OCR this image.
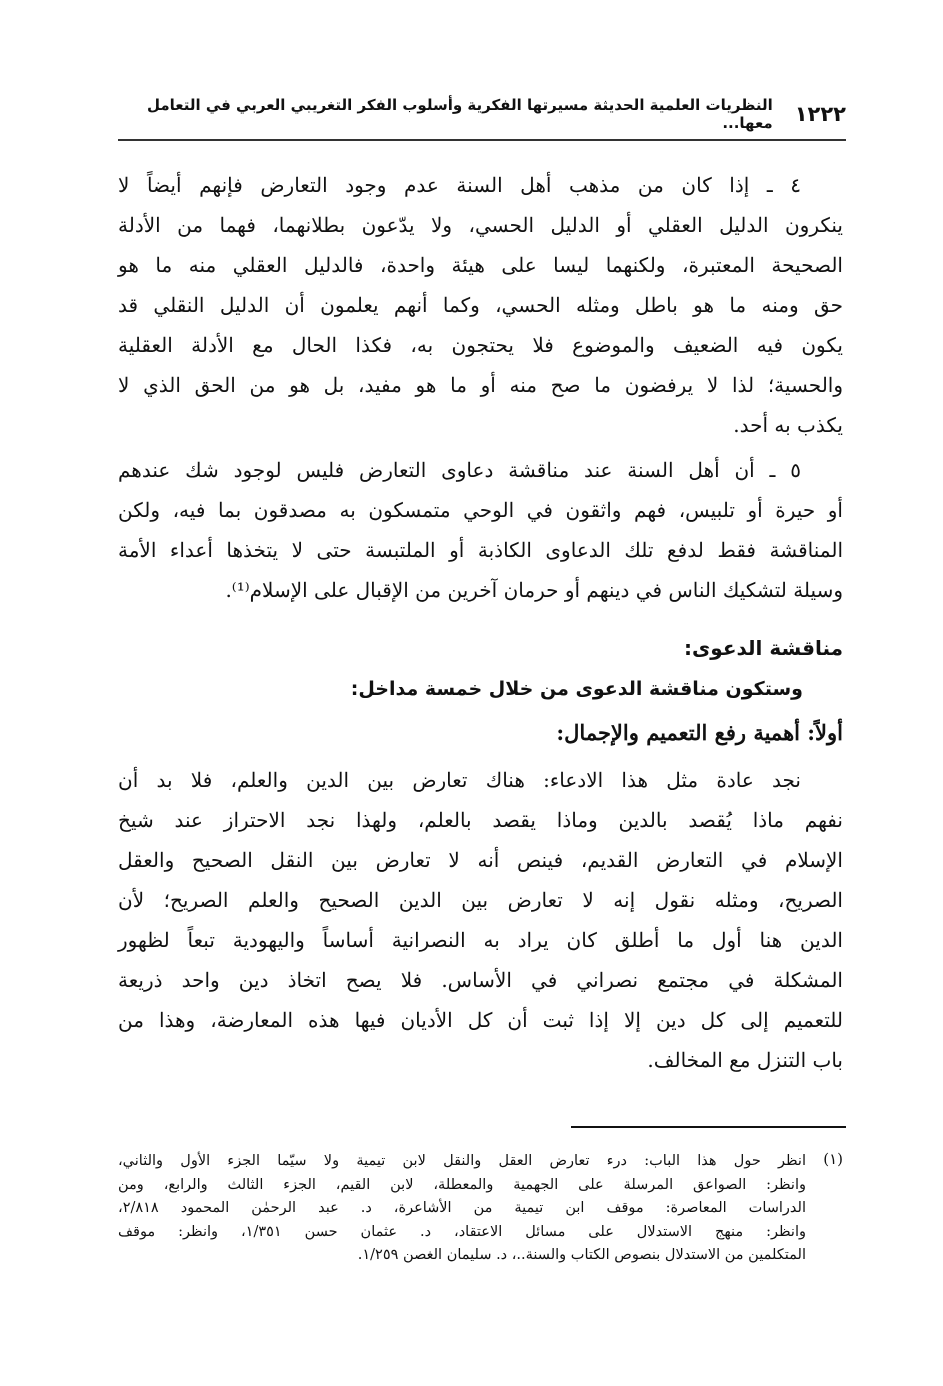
١٢٢٢
النظريات العلمية الحديثة مسيرتها الفكرية وأسلوب الفكر التغريبي العربي في التعامل معها...
٤ ـ إذا كان من مذهب أهل السنة عدم وجود التعارض فإنهم أيضاً لا
ينكرون الدليل العقلي أو الدليل الحسي، ولا يدّعون بطلانهما، فهما من الأدلة
الصحيحة المعتبرة، ولكنهما ليسا على هيئة واحدة، فالدليل العقلي منه ما هو
حق ومنه ما هو باطل ومثله الحسي، وكما أنهم يعلمون أن الدليل النقلي قد
يكون فيه الضعيف والموضوع فلا يحتجون به، فكذا الحال مع الأدلة العقلية
والحسية؛ لذا لا يرفضون ما صح منه أو ما هو مفيد، بل هو من الحق الذي لا
يكذب به أحد.
٥ ـ أن أهل السنة عند مناقشة دعاوى التعارض فليس لوجود شك عندهم
أو حيرة أو تلبيس، فهم واثقون في الوحي متمسكون به مصدقون بما فيه، ولكن
المناقشة فقط لدفع تلك الدعاوى الكاذبة أو الملتبسة حتى لا يتخذها أعداء الأمة
وسيلة لتشكيك الناس في دينهم أو حرمان آخرين من الإقبال على الإسلام⁽¹⁾.
نجد عادة مثل هذا الادعاء: هناك تعارض بين الدين والعلم، فلا بد أن
نفهم ماذا يُقصد بالدين وماذا يقصد بالعلم، ولهذا نجد الاحتراز عند شيخ
الإسلام في التعارض القديم، فينص أنه لا تعارض بين النقل الصحيح والعقل
الصريح، ومثله نقول إنه لا تعارض بين الدين الصحيح والعلم الصريح؛ لأن
الدين هنا أول ما أطلق كان يراد به النصرانية أساساً واليهودية تبعاً لظهور
المشكلة في مجتمع نصراني في الأساس. فلا يصح اتخاذ دين واحد ذريعة
للتعميم إلى كل دين إلا إذا ثبت أن كل الأديان فيها هذه المعارضة، وهذا من
باب التنزل مع المخالف.
مناقشة الدعوى:
وستكون مناقشة الدعوى من خلال خمسة مداخل:
أولاً: أهمية رفع التعميم والإجمال:
(١)
انظر حول هذا الباب: درء تعارض العقل والنقل لابن تيمية ولا سيّما الجزء الأول والثاني،
وانظر: الصواعق المرسلة على الجهمية والمعطلة، لابن القيم، الجزء الثالث والرابع، ومن
الدراسات المعاصرة: موقف ابن تيمية من الأشاعرة، د. عبد الرحمٰن المحمود ٢/٨١٨،
وانظر: منهج الاستدلال على مسائل الاعتقاد، د. عثمان حسن ١/٣٥١، وانظر: موقف
المتكلمين من الاستدلال بنصوص الكتاب والسنة..، د. سليمان الغصن ١/٢٥٩.
